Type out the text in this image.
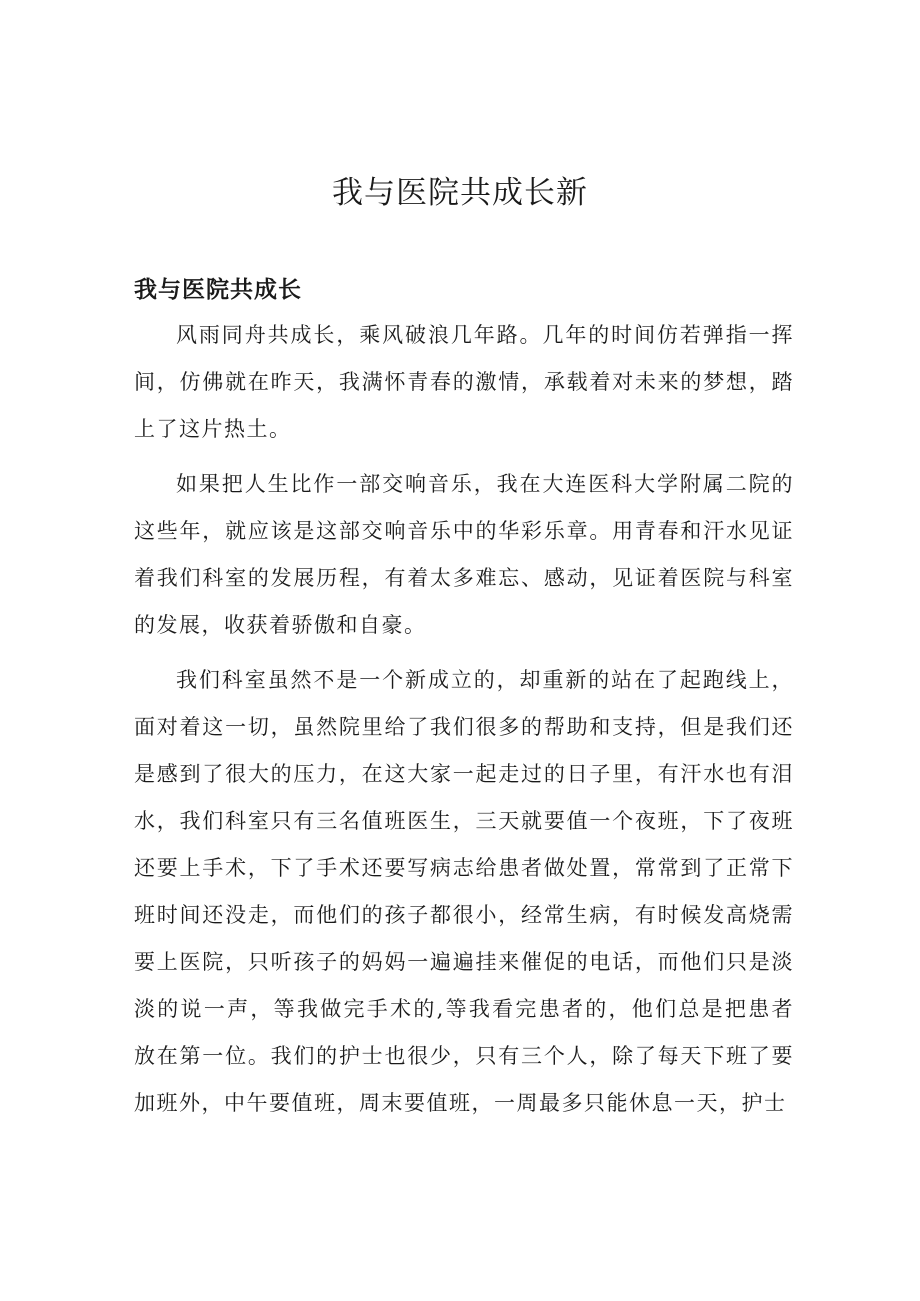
我与医院共成长新
我与医院共成长

风雨同舟共成长，乘风破浪几年路。几年的时间仿若弹指一挥间，仿佛就在昨天，我满怀青春的激情，承载着对未来的梦想，踏上了这片热土。

如果把人生比作一部交响音乐，我在大连医科大学附属二院的这些年，就应该是这部交响音乐中的华彩乐章。用青春和汗水见证着我们科室的发展历程，有着太多难忘、感动，见证着医院与科室的发展，收获着骄傲和自豪。

我们科室虽然不是一个新成立的，却重新的站在了起跑线上，面对着这一切，虽然院里给了我们很多的帮助和支持，但是我们还是感到了很大的压力，在这大家一起走过的日子里，有汗水也有泪水，我们科室只有三名值班医生，三天就要值一个夜班，下了夜班还要上手术，下了手术还要写病志给患者做处置，常常到了正常下班时间还没走，而他们的孩子都很小，经常生病，有时候发高烧需要上医院，只听孩子的妈妈一遍遍挂来催促的电话，而他们只是淡淡的说一声，等我做完手术的,等我看完患者的，他们总是把患者放在第一位。我们的护士也很少，只有三个人，除了每天下班了要加班外，中午要值班，周末要值班，一周最多只能休息一天，护士
